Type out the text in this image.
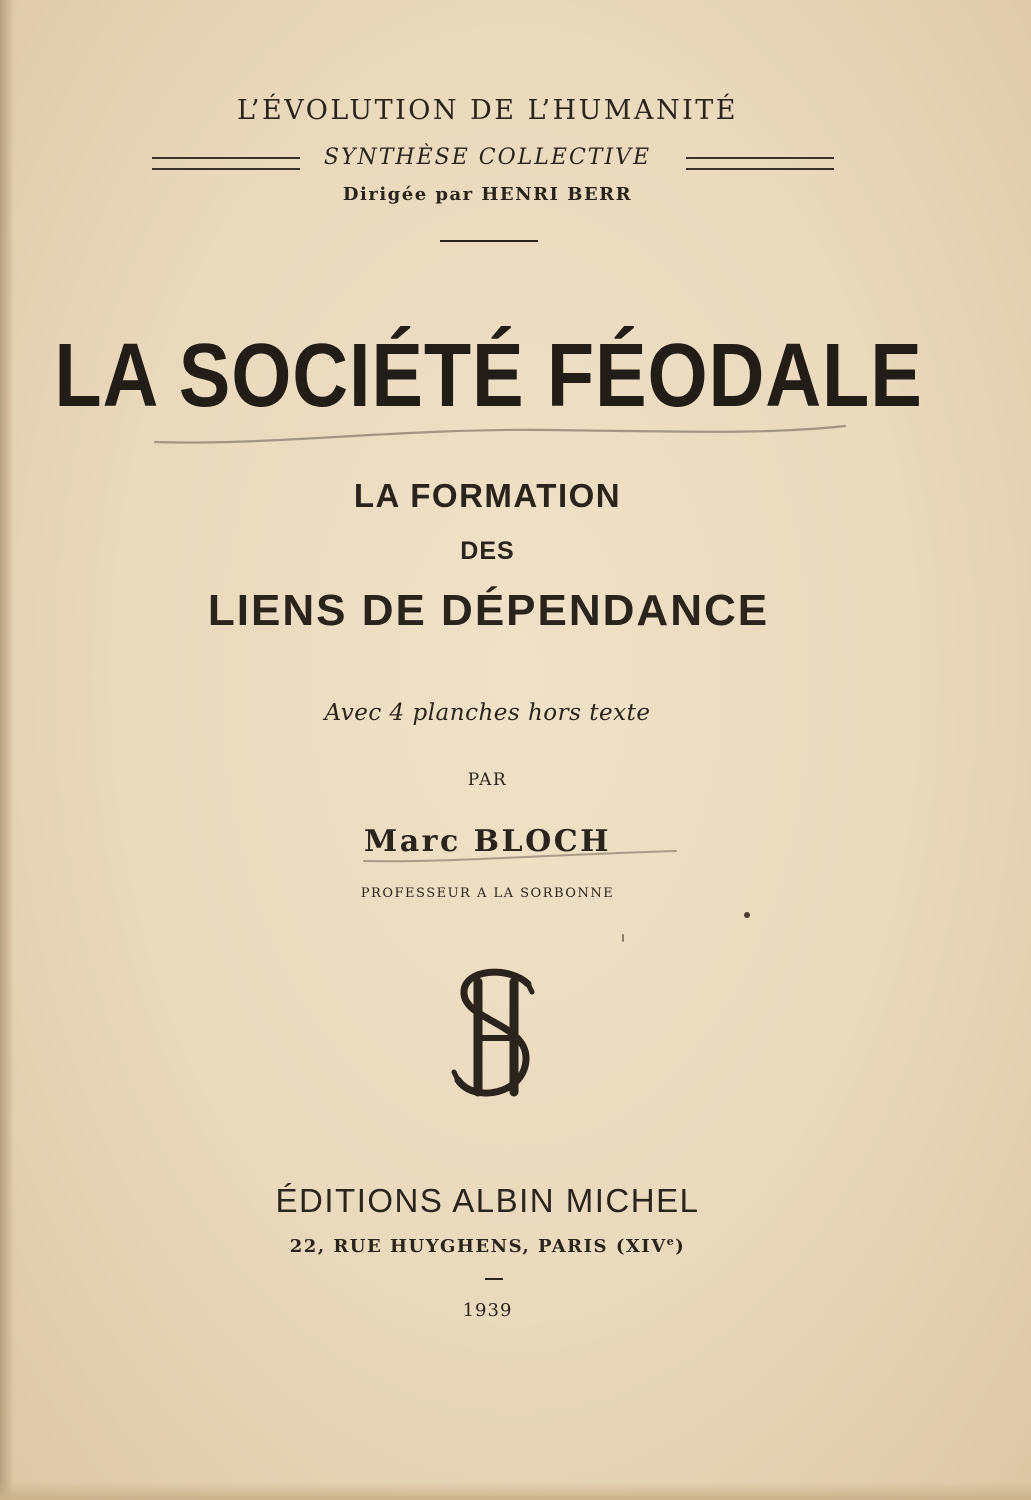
L’ÉVOLUTION DE L’HUMANITÉ
SYNTHÈSE COLLECTIVE
Dirigée par HENRI BERR
LA SOCIÉTÉ FÉODALE
LA FORMATION
DES
LIENS DE DÉPENDANCE
Avec 4 planches hors texte
PAR
Marc BLOCH
PROFESSEUR A LA SORBONNE
ÉDITIONS ALBIN MICHEL
22, RUE HUYGHENS, PARIS (XIVe)
1939
